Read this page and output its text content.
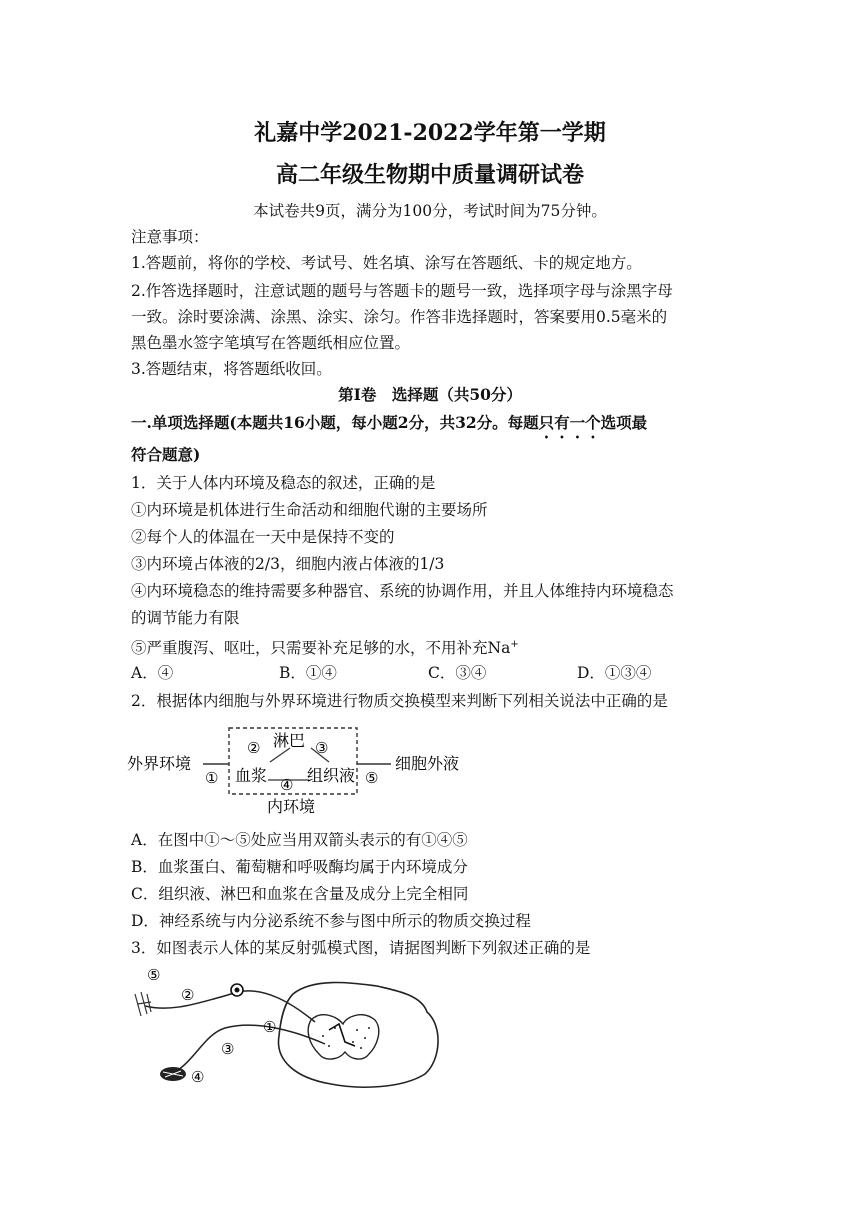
礼嘉中学2021-2022学年第一学期
高二年级生物期中质量调研试卷
本试卷共9页，满分为100分，考试时间为75分钟。
注意事项：
1.答题前，将你的学校、考试号、姓名填、涂写在答题纸、卡的规定地方。
2.作答选择题时，注意试题的题号与答题卡的题号一致，选择项字母与涂黑字母
一致。涂时要涂满、涂黑、涂实、涂匀。作答非选择题时，答案要用0.5毫米的
黑色墨水签字笔填写在答题纸相应位置。
3.答题结束，将答题纸收回。
第Ⅰ卷　选择题（共50分）
一.单项选择题(本题共16小题，每小题2分，共32分。每题只有一个选项最
符合题意)
1．关于人体内环境及稳态的叙述，正确的是
①内环境是机体进行生命活动和细胞代谢的主要场所
②每个人的体温在一天中是保持不变的
③内环境占体液的2/3，细胞内液占体液的1/3
④内环境稳态的维持需要多种器官、系统的协调作用，并且人体维持内环境稳态
的调节能力有限
⑤严重腹泻、呕吐，只需要补充足够的水，不用补充Na+
A．④	B．①④	C．③④	D．①③④
2．根据体内细胞与外界环境进行物质交换模型来判断下列相关说法中正确的是
外界环境
①
② 淋巴 ③
血浆 ④ 组织液 ⑤
细胞外液
内环境
A．在图中①～⑤处应当用双箭头表示的有①④⑤
B．血浆蛋白、葡萄糖和呼吸酶均属于内环境成分
C．组织液、淋巴和血浆在含量及成分上完全相同
D．神经系统与内分泌系统不参与图中所示的物质交换过程
3．如图表示人体的某反射弧模式图，请据图判断下列叙述正确的是
⑤
②
①
③
④
